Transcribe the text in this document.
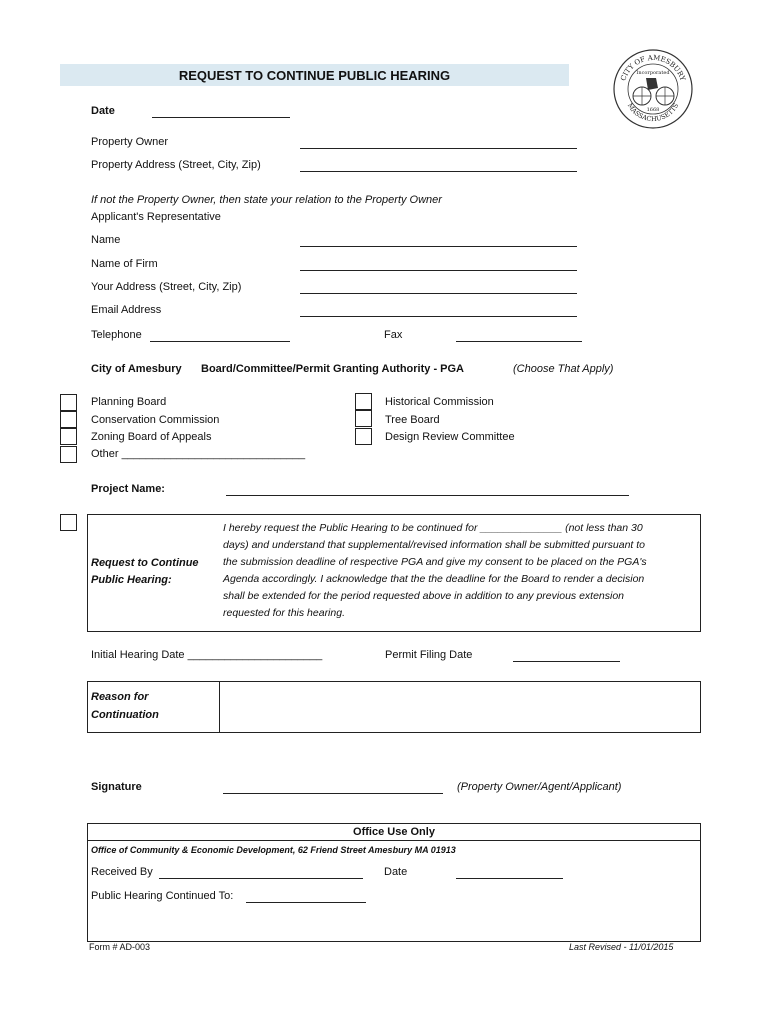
REQUEST TO CONTINUE PUBLIC HEARING	CITY OF AMESBURY
MASSACHUSETTS
Incorporated
1668
Date
Property Owner
Property Address (Street, City, Zip)
If not the Property Owner, then state your relation to the Property Owner
Applicant's Representative
Name
Name of Firm
Your Address (Street, City, Zip)
Email Address
Telephone	Fax
City of Amesbury Board/Committee/Permit Granting Authority - PGA	(Choose That Apply)
Planning Board
Conservation Commission
Zoning Board of Appeals
Other ______________________________
Historical Commission
Tree Board
Design Review Committee
Project Name:
Request to Continue
Public Hearing:
I hereby request the Public Hearing to be continued for ______________ (not less than 30
days) and understand that supplemental/revised information shall be submitted pursuant to
the submission deadline of respective PGA and give my consent to be placed on the PGA's
Agenda accordingly. I acknowledge that the the deadline for the Board to render a decision
shall be extended for the period requested above in addition to any previous extension
requested for this hearing.
Initial Hearing Date ______________________	Permit Filing Date
Reason for
Continuation
Signature	(Property Owner/Agent/Applicant)
Office Use Only
Office of Community & Economic Development, 62 Friend Street Amesbury MA 01913
Received By	Date
Public Hearing Continued To:
Form # AD-003	Last Revised - 11/01/2015
